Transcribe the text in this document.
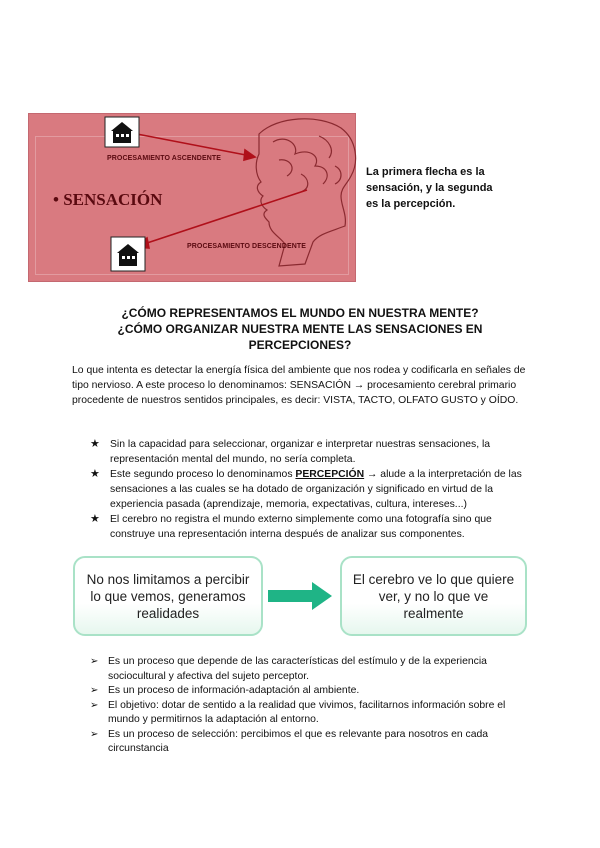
PROCESAMIENTO ASCENDENTE
PROCESAMIENTO DESCENDENTE
• SENSACIÓN
La primera flecha es la
sensación, y la segunda
es la percepción.
¿CÓMO REPRESENTAMOS EL MUNDO EN NUESTRA MENTE?
¿CÓMO ORGANIZAR NUESTRA MENTE LAS SENSACIONES EN
PERCEPCIONES?
Lo que intenta es detectar la energía física del ambiente que nos rodea y codificarla en señales de tipo nervioso. A este proceso lo denominamos: SENSACIÓN → procesamiento cerebral primario procedente de nuestros sentidos principales, es decir: VISTA, TACTO, OLFATO GUSTO y OÍDO.
★ Sin la capacidad para seleccionar, organizar e interpretar nuestras sensaciones, la representación mental del mundo, no sería completa.
★ Este segundo proceso lo denominamos PERCEPCIÓN → alude a la interpretación de las sensaciones a las cuales se ha dotado de organización y significado en virtud de la experiencia pasada (aprendizaje, memoria, expectativas, cultura, intereses...)
★ El cerebro no registra el mundo externo simplemente como una fotografía sino que construye una representación interna después de analizar sus componentes.
No nos limitamos a percibir lo que vemos, generamos realidades
El cerebro ve lo que quiere ver, y no lo que ve realmente
➢ Es un proceso que depende de las características del estímulo y de la experiencia sociocultural y afectiva del sujeto perceptor.
➢ Es un proceso de información-adaptación al ambiente.
➢ El objetivo: dotar de sentido a la realidad que vivimos, facilitarnos información sobre el mundo y permitirnos la adaptación al entorno.
➢ Es un proceso de selección: percibimos el que es relevante para nosotros en cada circunstancia
